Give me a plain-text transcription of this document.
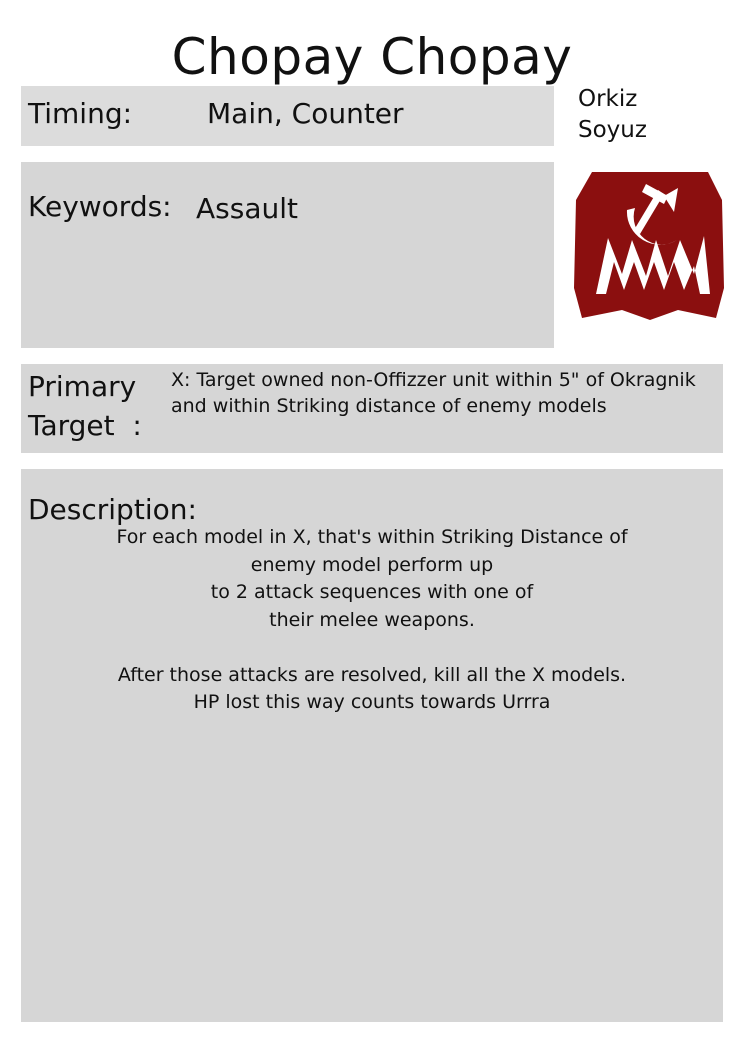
Chopay Chopay
Orkiz
Soyuz
Timing:	Main, Counter
Keywords: Assault
Primary
Target  :
X: Target owned non-Offizzer unit within 5" of Okragnik
and within Striking distance of enemy models
Description:

For each model in X, that's within Striking Distance of

enemy model perform up

to 2 attack sequences with one of

their melee weapons.

After those attacks are resolved, kill all the X models.

HP lost this way counts towards Urrra
